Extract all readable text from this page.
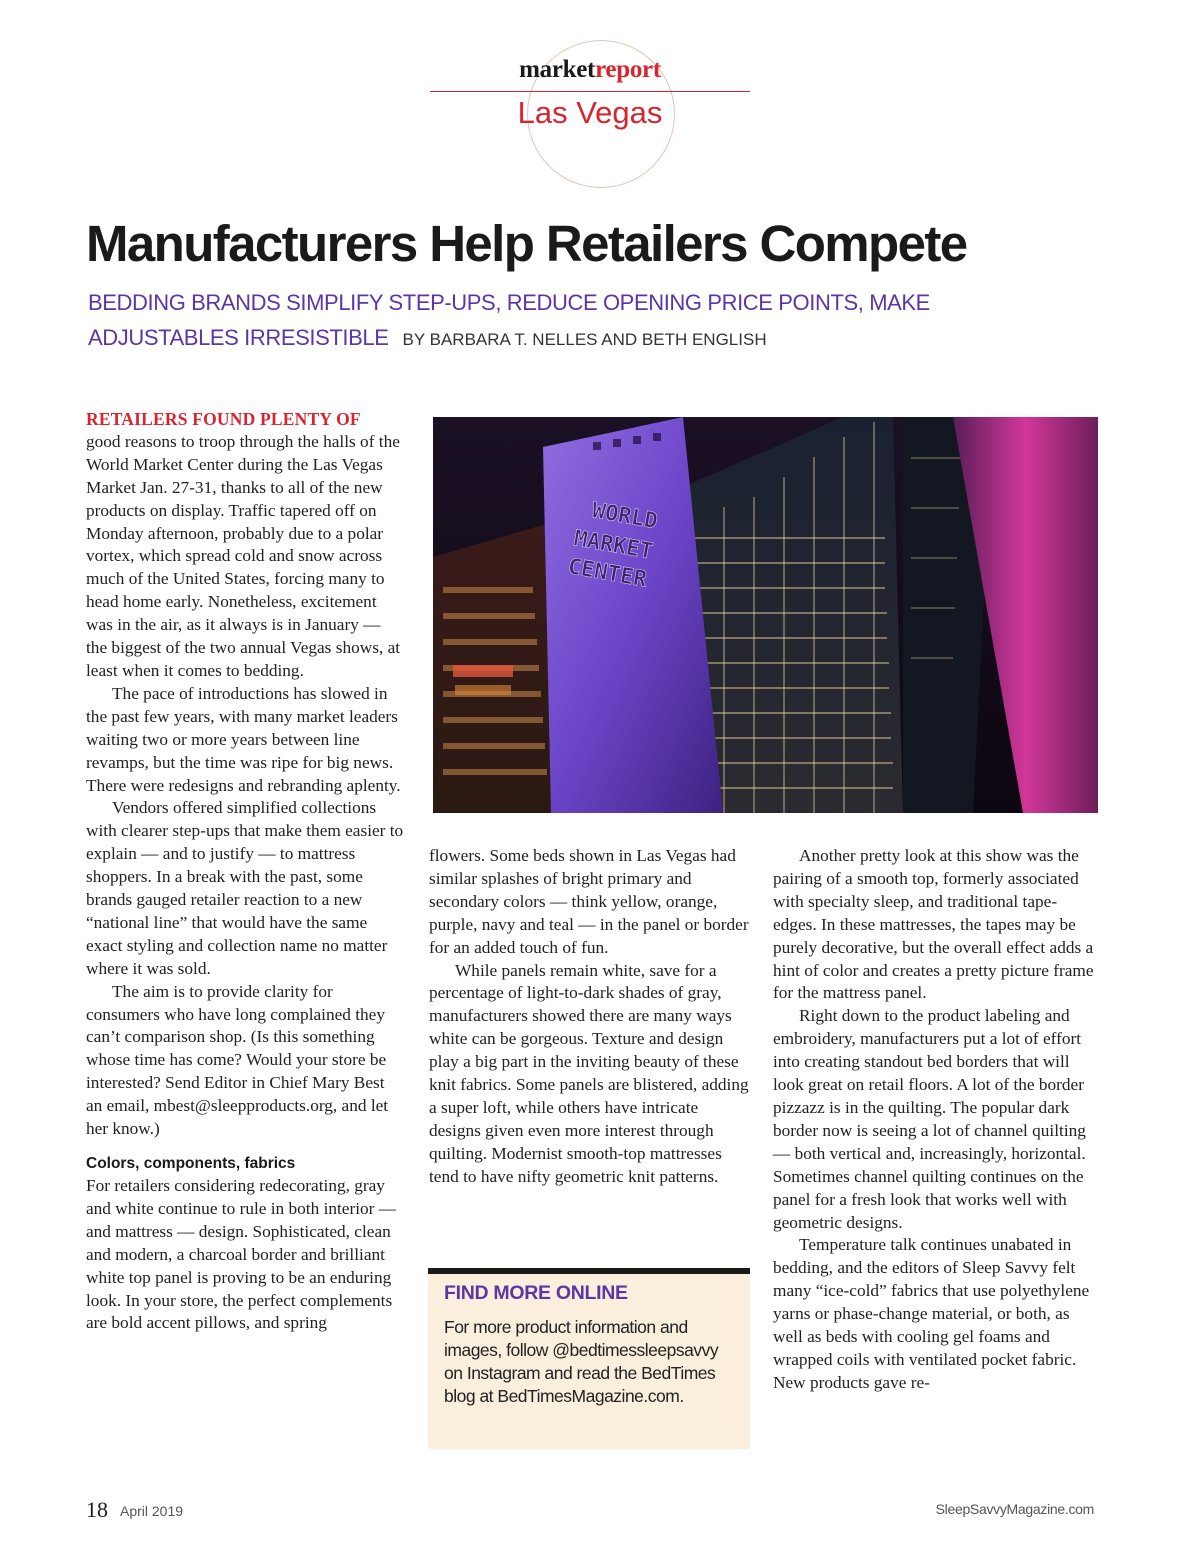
marketreport
Las Vegas
Manufacturers Help Retailers Compete
BEDDING BRANDS SIMPLIFY STEP-UPS, REDUCE OPENING PRICE POINTS, MAKE
ADJUSTABLES IRRESISTIBLE BY BARBARA T. NELLES AND BETH ENGLISH
RETAILERS FOUND PLENTY OF

good reasons to troop through the halls of the World Market Center during the Las Vegas Market Jan. 27-31, thanks to all of the new products on display. Traffic tapered off on Monday afternoon, probably due to a polar vortex, which spread cold and snow across much of the United States, forcing many to head home early. Nonetheless, excitement was in the air, as it always is in January — the biggest of the two annual Vegas shows, at least when it comes to bedding.

The pace of introductions has slowed in the past few years, with many market leaders waiting two or more years between line revamps, but the time was ripe for big news. There were redesigns and rebranding aplenty.

Vendors offered simplified collections with clearer step-ups that make them easier to explain — and to justify — to mattress shoppers. In a break with the past, some brands gauged retailer reaction to a new “national line” that would have the same exact styling and collection name no matter where it was sold.

The aim is to provide clarity for consumers who have long complained they can’t comparison shop. (Is this something whose time has come? Would your store be interested? Send Editor in Chief Mary Best an email, mbest@sleepproducts.org, and let her know.)

Colors, components, fabrics

For retailers considering redecorating, gray and white continue to rule in both interior — and mattress — design. Sophisticated, clean and modern, a charcoal border and brilliant white top panel is proving to be an enduring look. In your store, the perfect complements are bold accent pillows, and spring

WORLD
MARKET
CENTER

flowers. Some beds shown in Las Vegas had similar splashes of bright primary and secondary colors — think yellow, orange, purple, navy and teal — in the panel or border for an added touch of fun.

While panels remain white, save for a percentage of light-to-dark shades of gray, manufacturers showed there are many ways white can be gorgeous. Texture and design play a big part in the inviting beauty of these knit fabrics. Some panels are blistered, adding a super loft, while others have intricate designs given even more interest through quilting. Modernist smooth-top mattresses tend to have nifty geometric knit patterns.

FIND MORE ONLINE
For more product information and images, follow @bedtimessleepsavvy on Instagram and read the BedTimes blog at BedTimesMagazine.com.

Another pretty look at this show was the pairing of a smooth top, formerly associated with specialty sleep, and traditional tape-edges. In these mattresses, the tapes may be purely decorative, but the overall effect adds a hint of color and creates a pretty picture frame for the mattress panel.

Right down to the product labeling and embroidery, manufacturers put a lot of effort into creating standout bed borders that will look great on retail floors. A lot of the border pizzazz is in the quilting. The popular dark border now is seeing a lot of channel quilting — both vertical and, increasingly, horizontal. Sometimes channel quilting continues on the panel for a fresh look that works well with geometric designs.

Temperature talk continues unabated in bedding, and the editors of Sleep Savvy felt many “ice-cold” fabrics that use polyethylene yarns or phase-change material, or both, as well as beds with cooling gel foams and wrapped coils with ventilated pocket fabric. New products gave re-

18 April 2019	SleepSavvyMagazine.com
